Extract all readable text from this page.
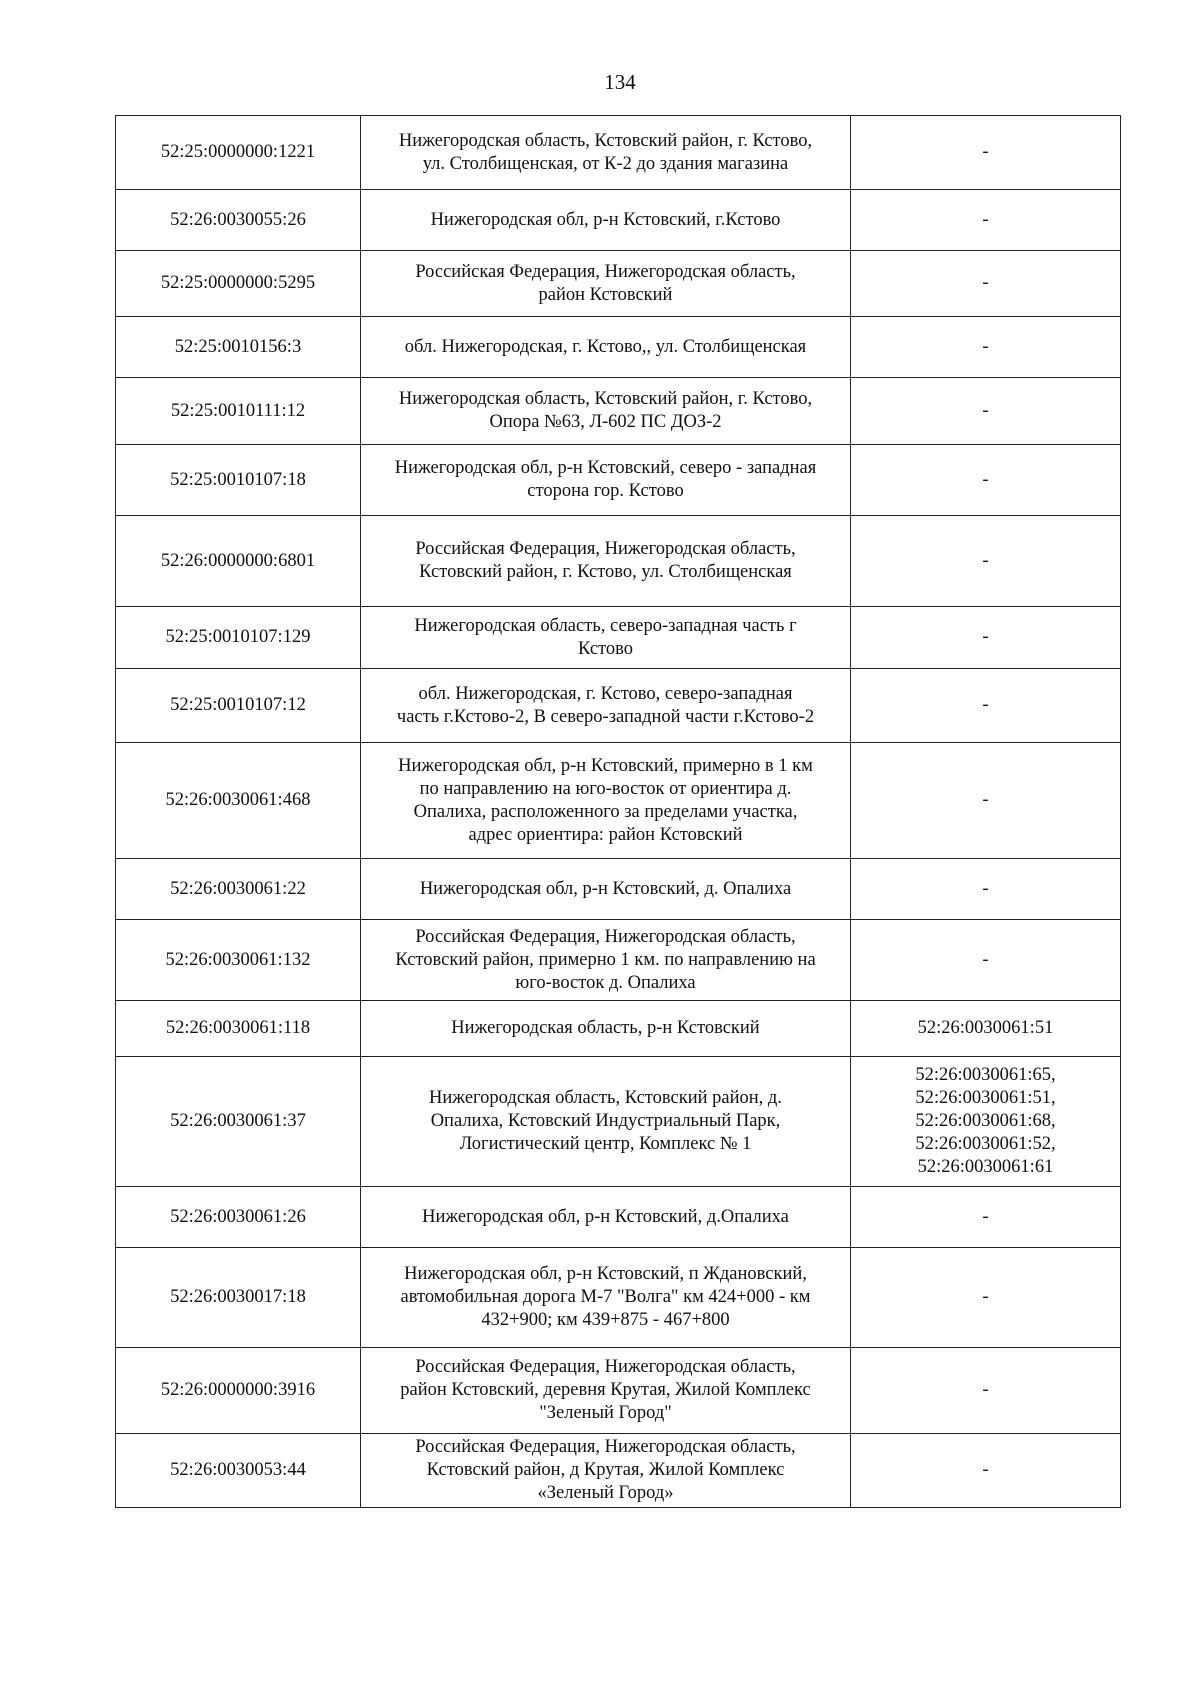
134
52:25:0000000:1221	Нижегородская область, Кстовский район, г. Кстово,
ул. Столбищенская, от К-2 до здания магазина	-

52:26:0030055:26	Нижегородская обл, р-н Кстовский, г.Кстово	-

52:25:0000000:5295	Российская Федерация, Нижегородская область,
район Кстовский	-

52:25:0010156:3	обл. Нижегородская, г. Кстово,, ул. Столбищенская	-

52:25:0010111:12	Нижегородская область, Кстовский район, г. Кстово,
Опора №63, Л-602 ПС ДОЗ-2	-

52:25:0010107:18	Нижегородская обл, р-н Кстовский, северо - западная
сторона гор. Кстово	-

52:26:0000000:6801	Российская Федерация, Нижегородская область,
Кстовский район, г. Кстово, ул. Столбищенская	-

52:25:0010107:129	Нижегородская область, северо-западная часть г
Кстово	-

52:25:0010107:12	обл. Нижегородская, г. Кстово, северо-западная
часть г.Кстово-2, В северо-западной части г.Кстово-2	-

52:26:0030061:468	Нижегородская обл, р-н Кстовский, примерно в 1 км
по направлению на юго-восток от ориентира д.
Опалиха, расположенного за пределами участка,
адрес ориентира: район Кстовский	-

52:26:0030061:22	Нижегородская обл, р-н Кстовский, д. Опалиха	-

52:26:0030061:132	Российская Федерация, Нижегородская область,
Кстовский район, примерно 1 км. по направлению на
юго-восток д. Опалиха	-

52:26:0030061:118	Нижегородская область, р-н Кстовский	52:26:0030061:51

52:26:0030061:37	Нижегородская область, Кстовский район, д.
Опалиха, Кстовский Индустриальный Парк,
Логистический центр, Комплекс № 1	52:26:0030061:65,
52:26:0030061:51,
52:26:0030061:68,
52:26:0030061:52,
52:26:0030061:61

52:26:0030061:26	Нижегородская обл, р-н Кстовский, д.Опалиха	-

52:26:0030017:18	Нижегородская обл, р-н Кстовский, п Ждановский,
автомобильная дорога М-7 "Волга" км 424+000 - км
432+900; км 439+875 - 467+800	-

52:26:0000000:3916	Российская Федерация, Нижегородская область,
район Кстовский, деревня Крутая, Жилой Комплекс
"Зеленый Город"	-

52:26:0030053:44	Российская Федерация, Нижегородская область,
Кстовский район, д Крутая, Жилой Комплекс
«Зеленый Город»	-
